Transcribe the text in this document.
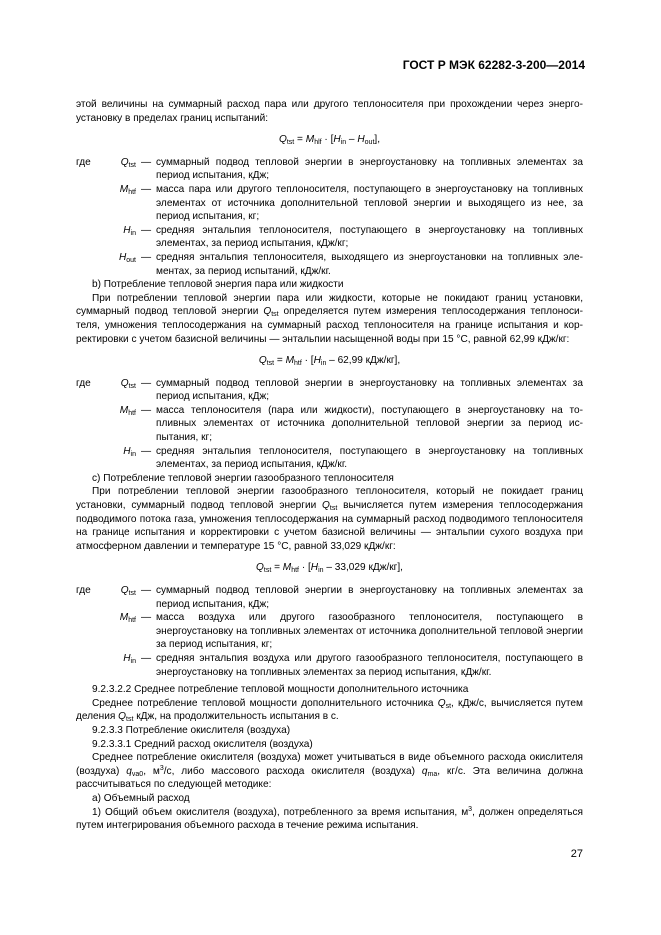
ГОСТ Р МЭК 62282-3-200—2014

этой величины на суммарный расход пара или другого теплоносителя при прохождении через энергоустановку в пределах границ испытаний:

$Q_{tst} = M_{hlf} \cdot [H_{in} - H_{out}]$,

где	$Q_{tst}$ — суммарный подвод тепловой энергии в энергоустановку на топливных элементах за период испытания, кДж;
$M_{htf}$ — масса пара или другого теплоносителя, поступающего в энергоустановку на топливных элементах от источника дополнительной тепловой энергии и выходящего из нее, за период испытания, кг;
$H_{in}$ — средняя энтальпия теплоносителя, поступающего в энергоустановку на топливных элементах, за период испытания, кДж/кг;
$H_{out}$ — средняя энтальпия теплоносителя, выходящего из энергоустановки на топливных элементах, за период испытаний, кДж/кг.

b) Потребление тепловой энергия пара или жидкости

При потреблении тепловой энергии пара или жидкости, которые не покидают границ установки, суммарный подвод тепловой энергии $Q_{tst}$ определяется путем измерения теплосодержания теплоносителя, умножения теплосодержания на суммарный расход теплоносителя на границе испытания и корректировки с учетом базисной величины — энтальпии насыщенной воды при 15 °С, равной 62,99 кДж/кг:

$Q_{tst} = M_{htf} \cdot [H_{in} - 62,99$ кДж/кг],

где	$Q_{tst}$ — суммарный подвод тепловой энергии в энергоустановку на топливных элементах за период испытания, кДж;
$M_{htf}$ — масса теплоносителя (пара или жидкости), поступающего в энергоустановку на топливных элементах от источника дополнительной тепловой энергии за период испытания, кг;
$H_{in}$ — средняя энтальпия теплоносителя, поступающего в энергоустановку на топливных элементах, за период испытания, кДж/кг.

c) Потребление тепловой энергии газообразного теплоносителя

При потреблении тепловой энергии газообразного теплоносителя, который не покидает границ установки, суммарный подвод тепловой энергии $Q_{tst}$ вычисляется путем измерения теплосодержания подводимого потока газа, умножения теплосодержания на суммарный расход подводимого теплоносителя на границе испытания и корректировки с учетом базисной величины — энтальпии сухого воздуха при атмосферном давлении и температуре 15 °С, равной 33,029 кДж/кг:

$Q_{tst} = M_{htf} \cdot [H_{in} - 33,029$ кДж/кг],

где	$Q_{tst}$ — суммарный подвод тепловой энергии в энергоустановку на топливных элементах за период испытания, кДж;
$M_{htf}$ — масса воздуха или другого газообразного теплоносителя, поступающего в энергоустановку на топливных элементах от источника дополнительной тепловой энергии за период испытания, кг;
$H_{in}$ — средняя энтальпия воздуха или другого газообразного теплоносителя, поступающего в энергоустановку на топливных элементах за период испытания, кДж/кг.

9.2.3.2.2 Среднее потребление тепловой мощности дополнительного источника

Среднее потребление тепловой мощности дополнительного источника $Q_{st}$, кДж/с, вычисляется путем деления $Q_{tst}$ кДж, на продолжительность испытания в с.

9.2.3.3 Потребление окислителя (воздуха)

9.2.3.3.1 Средний расход окислителя (воздуха)

Среднее потребление окислителя (воздуха) может учитываться в виде объемного расхода окислителя (воздуха) $q_{va0}$, $м^3/с$, либо массового расхода окислителя (воздуха) $q_{ma}$, кг/с. Эта величина должна рассчитываться по следующей методике:

а) Объемный расход

1) Общий объем окислителя (воздуха), потребленного за время испытания, $м^3$, должен определяться путем интегрирования объемного расхода в течение режима испытания.

27
